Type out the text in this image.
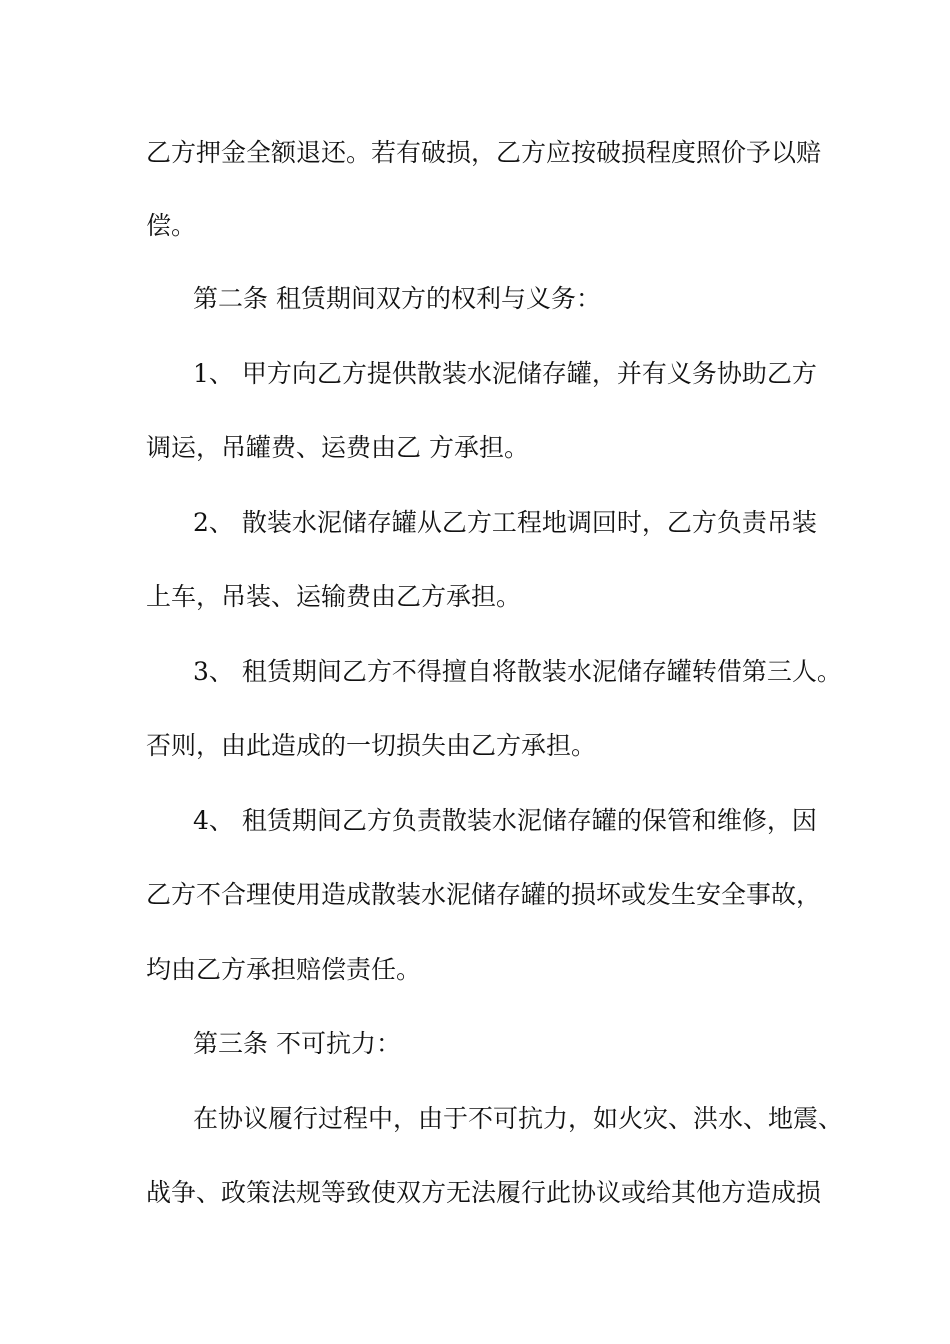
乙方押金全额退还。若有破损，乙方应按破损程度照价予以赔

偿。

第二条 租赁期间双方的权利与义务：

1、 甲方向乙方提供散装水泥储存罐，并有义务协助乙方

调运，吊罐费、运费由乙 方承担。

2、 散装水泥储存罐从乙方工程地调回时，乙方负责吊装

上车，吊装、运输费由乙方承担。

3、 租赁期间乙方不得擅自将散装水泥储存罐转借第三人。

否则，由此造成的一切损失由乙方承担。

4、 租赁期间乙方负责散装水泥储存罐的保管和维修，因

乙方不合理使用造成散装水泥储存罐的损坏或发生安全事故，

均由乙方承担赔偿责任。

第三条 不可抗力：

在协议履行过程中，由于不可抗力，如火灾、洪水、地震、

战争、政策法规等致使双方无法履行此协议或给其他方造成损
